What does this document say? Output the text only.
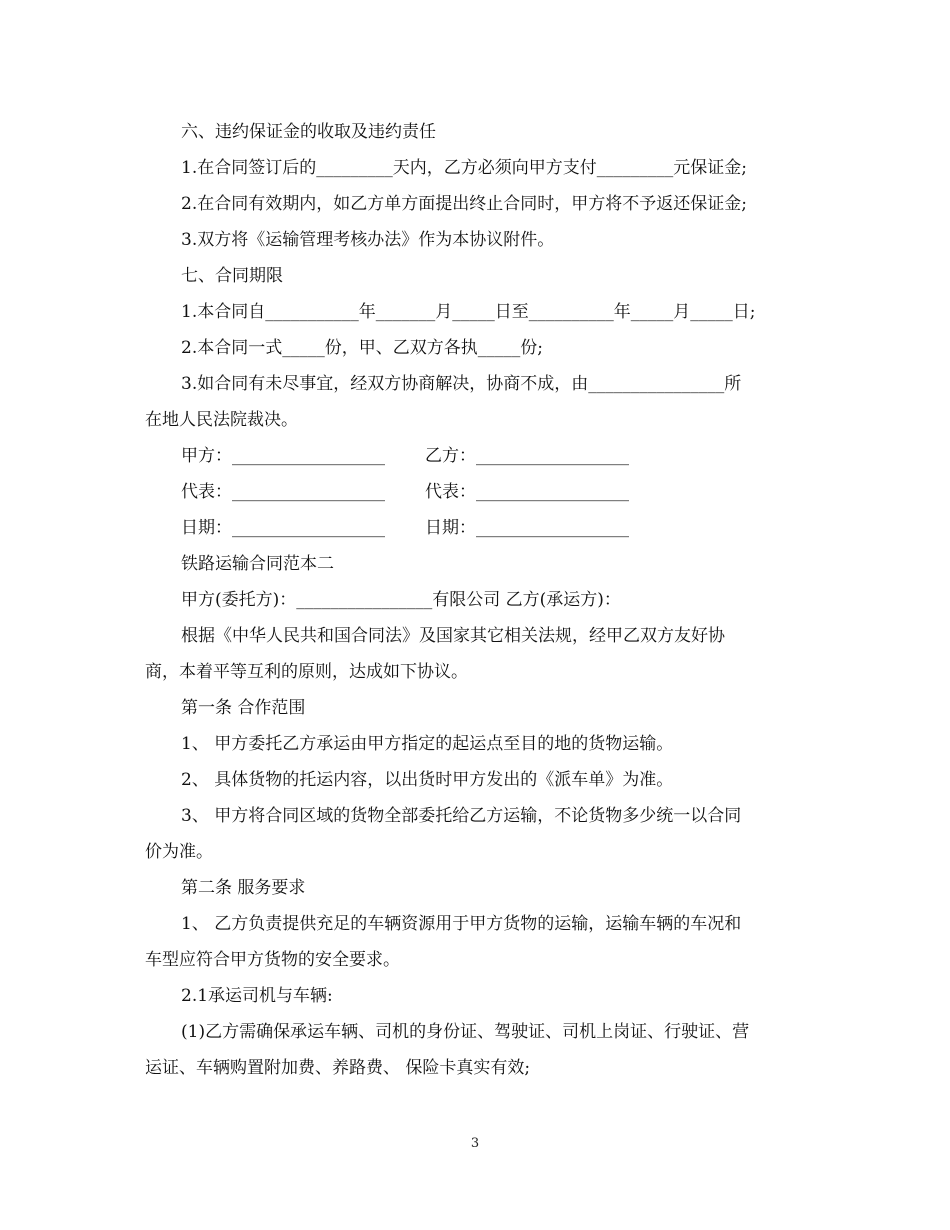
六、违约保证金的收取及违约责任
1.在合同签订后的_________天内，乙方必须向甲方支付_________元保证金;
2.在合同有效期内，如乙方单方面提出终止合同时，甲方将不予返还保证金;
3.双方将《运输管理考核办法》作为本协议附件。
七、合同期限
1.本合同自___________年_______月_____日至__________年_____月_____日;
2.本合同一式_____份，甲、乙双方各执_____份;
3.如合同有未尽事宜，经双方协商解决，协商不成，由________________所
在地人民法院裁决。
甲方：__________________ 乙方：__________________
代表：__________________ 代表：__________________
日期：__________________ 日期：__________________
铁路运输合同范本二
甲方(委托方)：________________有限公司 乙方(承运方)：
根据《中华人民共和国合同法》及国家其它相关法规，经甲乙双方友好协
商，本着平等互利的原则，达成如下协议。
第一条 合作范围
1、 甲方委托乙方承运由甲方指定的起运点至目的地的货物运输。
2、 具体货物的托运内容，以出货时甲方发出的《派车单》为准。
3、 甲方将合同区域的货物全部委托给乙方运输，不论货物多少统一以合同
价为准。
第二条 服务要求
1、 乙方负责提供充足的车辆资源用于甲方货物的运输，运输车辆的车况和
车型应符合甲方货物的安全要求。
2.1承运司机与车辆:
(1)乙方需确保承运车辆、司机的身份证、驾驶证、司机上岗证、行驶证、营
运证、车辆购置附加费、养路费、 保险卡真实有效;
3
